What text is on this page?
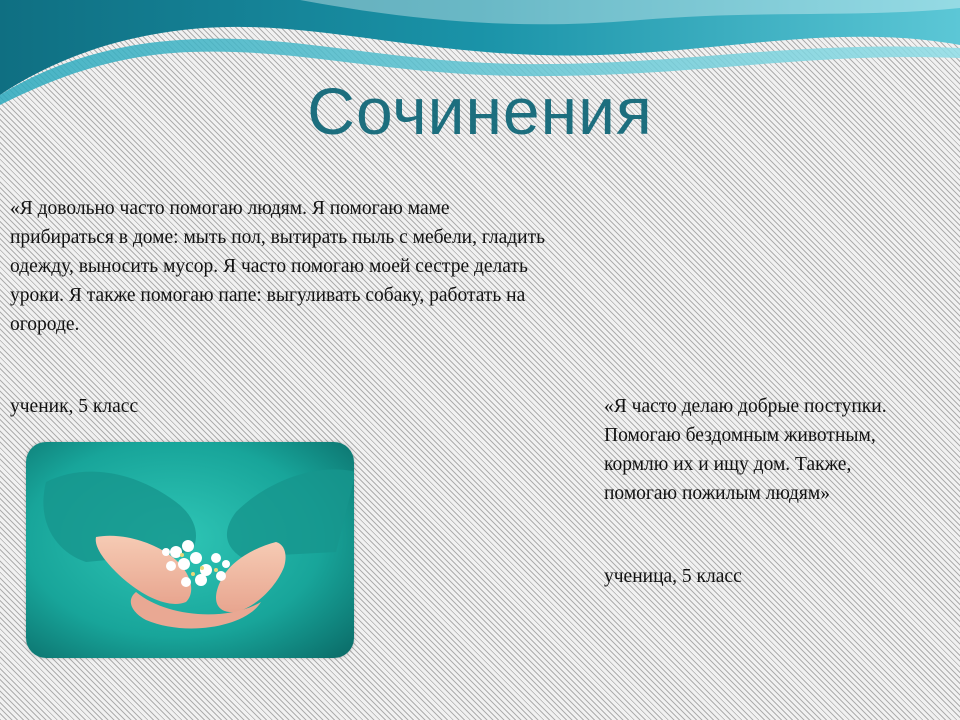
Сочинения
«Я довольно часто помогаю людям. Я помогаю маме прибираться в доме: мыть пол, вытирать пыль с мебели, гладить одежду, выносить мусор. Я часто помогаю моей сестре делать уроки. Я также помогаю папе: выгуливать собаку, работать на огороде.
ученик, 5 класс	«Я часто делаю добрые поступки. Помогаю бездомным животным, кормлю их и ищу дом. Также, помогаю пожилым людям»
ученица, 5 класс
